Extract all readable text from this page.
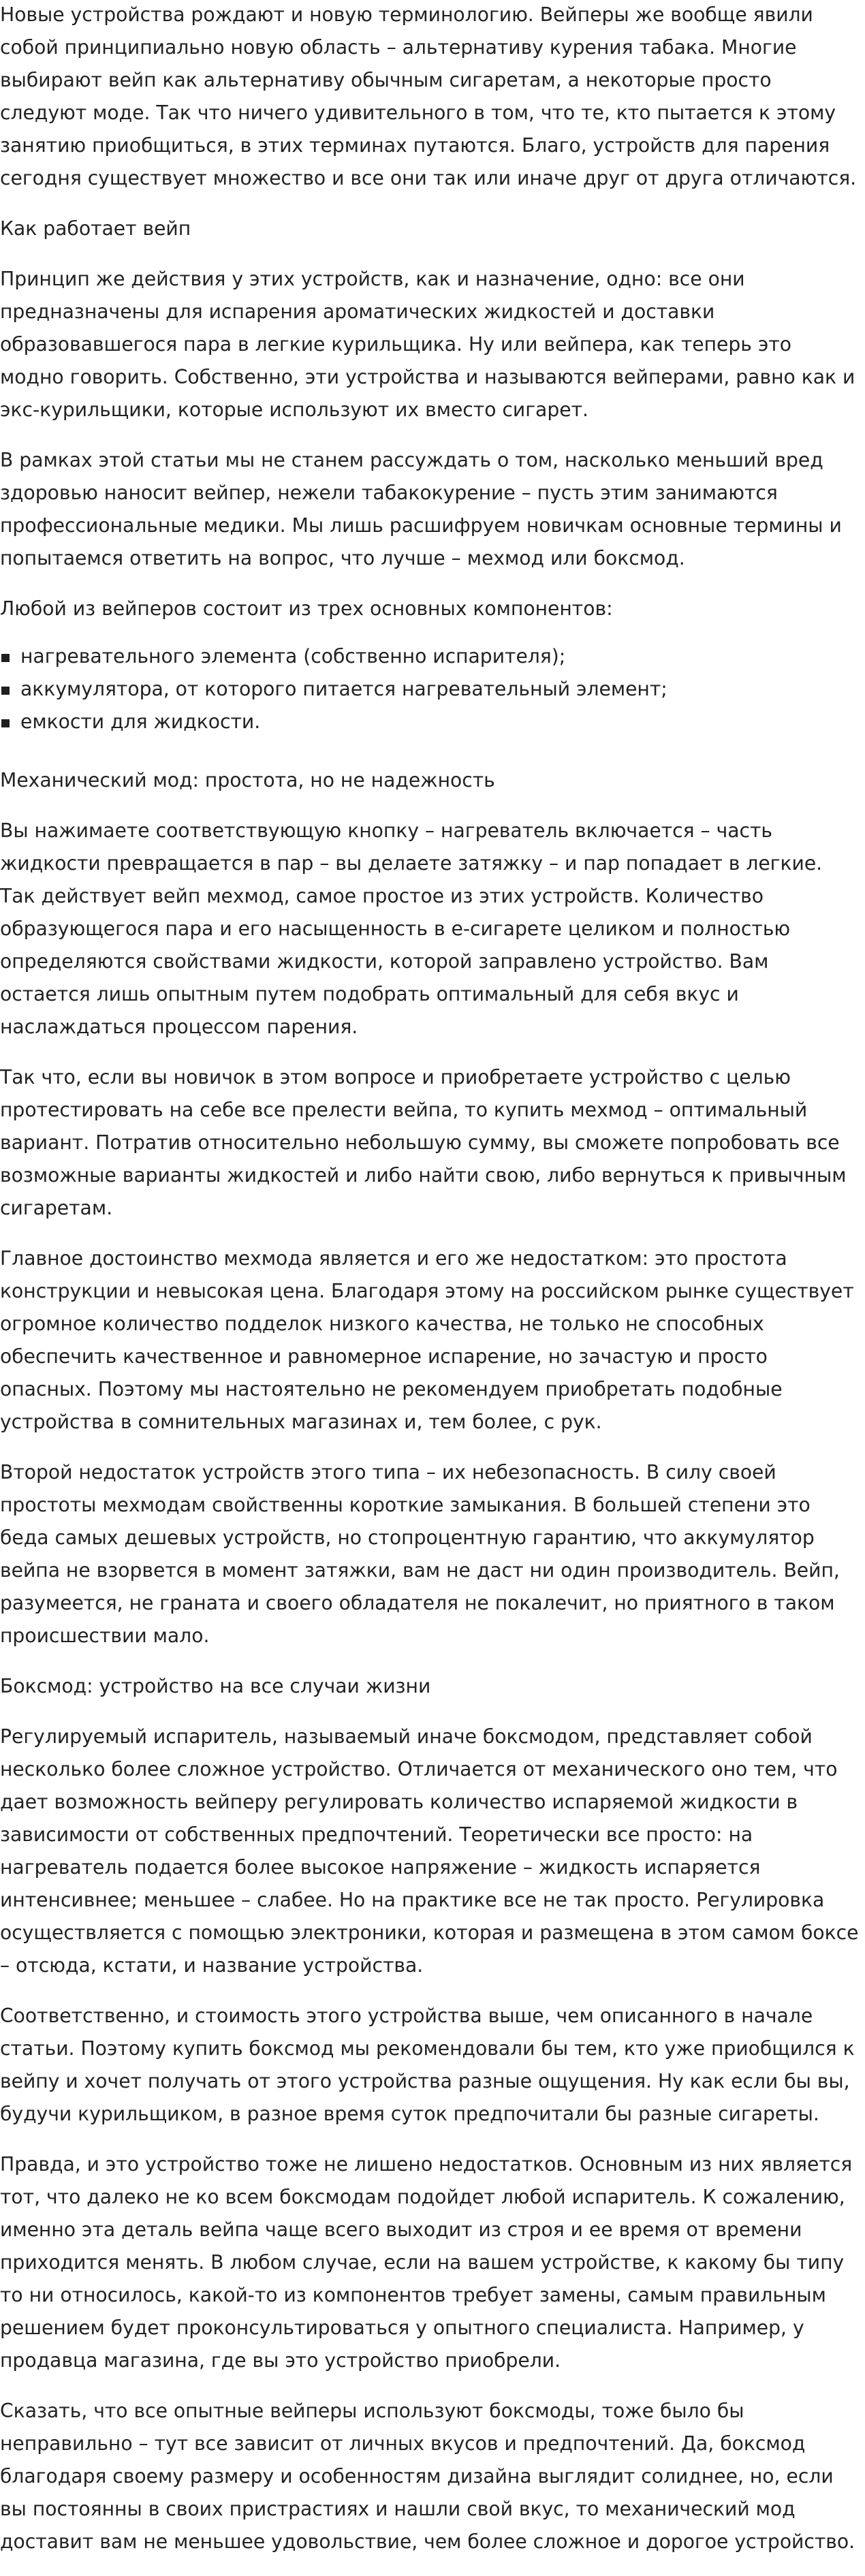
Новые устройства рождают и новую терминологию. Вейперы же вообще явили собой принципиально новую область – альтернативу курения табака. Многие выбирают вейп как альтернативу обычным сигаретам, а некоторые просто следуют моде. Так что ничего удивительного в том, что те, кто пытается к этому занятию приобщиться, в этих терминах путаются. Благо, устройств для парения сегодня существует множество и все они так или иначе друг от друга отличаются.

Как работает вейп

Принцип же действия у этих устройств, как и назначение, одно: все они предназначены для испарения ароматических жидкостей и доставки образовавшегося пара в легкие курильщика. Ну или вейпера, как теперь это модно говорить. Собственно, эти устройства и называются вейперами, равно как и экс-курильщики, которые используют их вместо сигарет.

В рамках этой статьи мы не станем рассуждать о том, насколько меньший вред здоровью наносит вейпер, нежели табакокурение – пусть этим занимаются профессиональные медики. Мы лишь расшифруем новичкам основные термины и попытаемся ответить на вопрос, что лучше – мехмод или боксмод.

Любой из вейперов состоит из трех основных компонентов:

нагревательного элемента (собственно испарителя);
аккумулятора, от которого питается нагревательный элемент;
емкости для жидкости.
Механический мод: простота, но не надежность

Вы нажимаете соответствующую кнопку – нагреватель включается – часть жидкости превращается в пар – вы делаете затяжку – и пар попадает в легкие. Так действует вейп мехмод, самое простое из этих устройств. Количество образующегося пара и его насыщенность в е-сигарете целиком и полностью определяются свойствами жидкости, которой заправлено устройство. Вам остается лишь опытным путем подобрать оптимальный для себя вкус и наслаждаться процессом парения.

Так что, если вы новичок в этом вопросе и приобретаете устройство с целью протестировать на себе все прелести вейпа, то купить мехмод – оптимальный вариант. Потратив относительно небольшую сумму, вы сможете попробовать все возможные варианты жидкостей и либо найти свою, либо вернуться к привычным сигаретам.

Главное достоинство мехмода является и его же недостатком: это простота конструкции и невысокая цена. Благодаря этому на российском рынке существует огромное количество подделок низкого качества, не только не способных обеспечить качественное и равномерное испарение, но зачастую и просто опасных. Поэтому мы настоятельно не рекомендуем приобретать подобные устройства в сомнительных магазинах и, тем более, с рук.

Второй недостаток устройств этого типа – их небезопасность. В силу своей простоты мехмодам свойственны короткие замыкания. В большей степени это беда самых дешевых устройств, но стопроцентную гарантию, что аккумулятор вейпа не взорвется в момент затяжки, вам не даст ни один производитель. Вейп, разумеется, не граната и своего обладателя не покалечит, но приятного в таком происшествии мало.

Боксмод: устройство на все случаи жизни

Регулируемый испаритель, называемый иначе боксмодом, представляет собой несколько более сложное устройство. Отличается от механического оно тем, что дает возможность вейперу регулировать количество испаряемой жидкости в зависимости от собственных предпочтений. Теоретически все просто: на нагреватель подается более высокое напряжение – жидкость испаряется интенсивнее; меньшее – слабее. Но на практике все не так просто. Регулировка осуществляется с помощью электроники, которая и размещена в этом самом боксе – отсюда, кстати, и название устройства.

Соответственно, и стоимость этого устройства выше, чем описанного в начале статьи. Поэтому купить боксмод мы рекомендовали бы тем, кто уже приобщился к вейпу и хочет получать от этого устройства разные ощущения. Ну как если бы вы, будучи курильщиком, в разное время суток предпочитали бы разные сигареты.

Правда, и это устройство тоже не лишено недостатков. Основным из них является тот, что далеко не ко всем боксмодам подойдет любой испаритель. К сожалению, именно эта деталь вейпа чаще всего выходит из строя и ее время от времени приходится менять. В любом случае, если на вашем устройстве, к какому бы типу то ни относилось, какой-то из компонентов требует замены, самым правильным решением будет проконсультироваться у опытного специалиста. Например, у продавца магазина, где вы это устройство приобрели.

Сказать, что все опытные вейперы используют боксмоды, тоже было бы неправильно – тут все зависит от личных вкусов и предпочтений. Да, боксмод благодаря своему размеру и особенностям дизайна выглядит солиднее, но, если вы постоянны в своих пристрастиях и нашли свой вкус, то механический мод доставит вам не меньшее удовольствие, чем более сложное и дорогое устройство.
